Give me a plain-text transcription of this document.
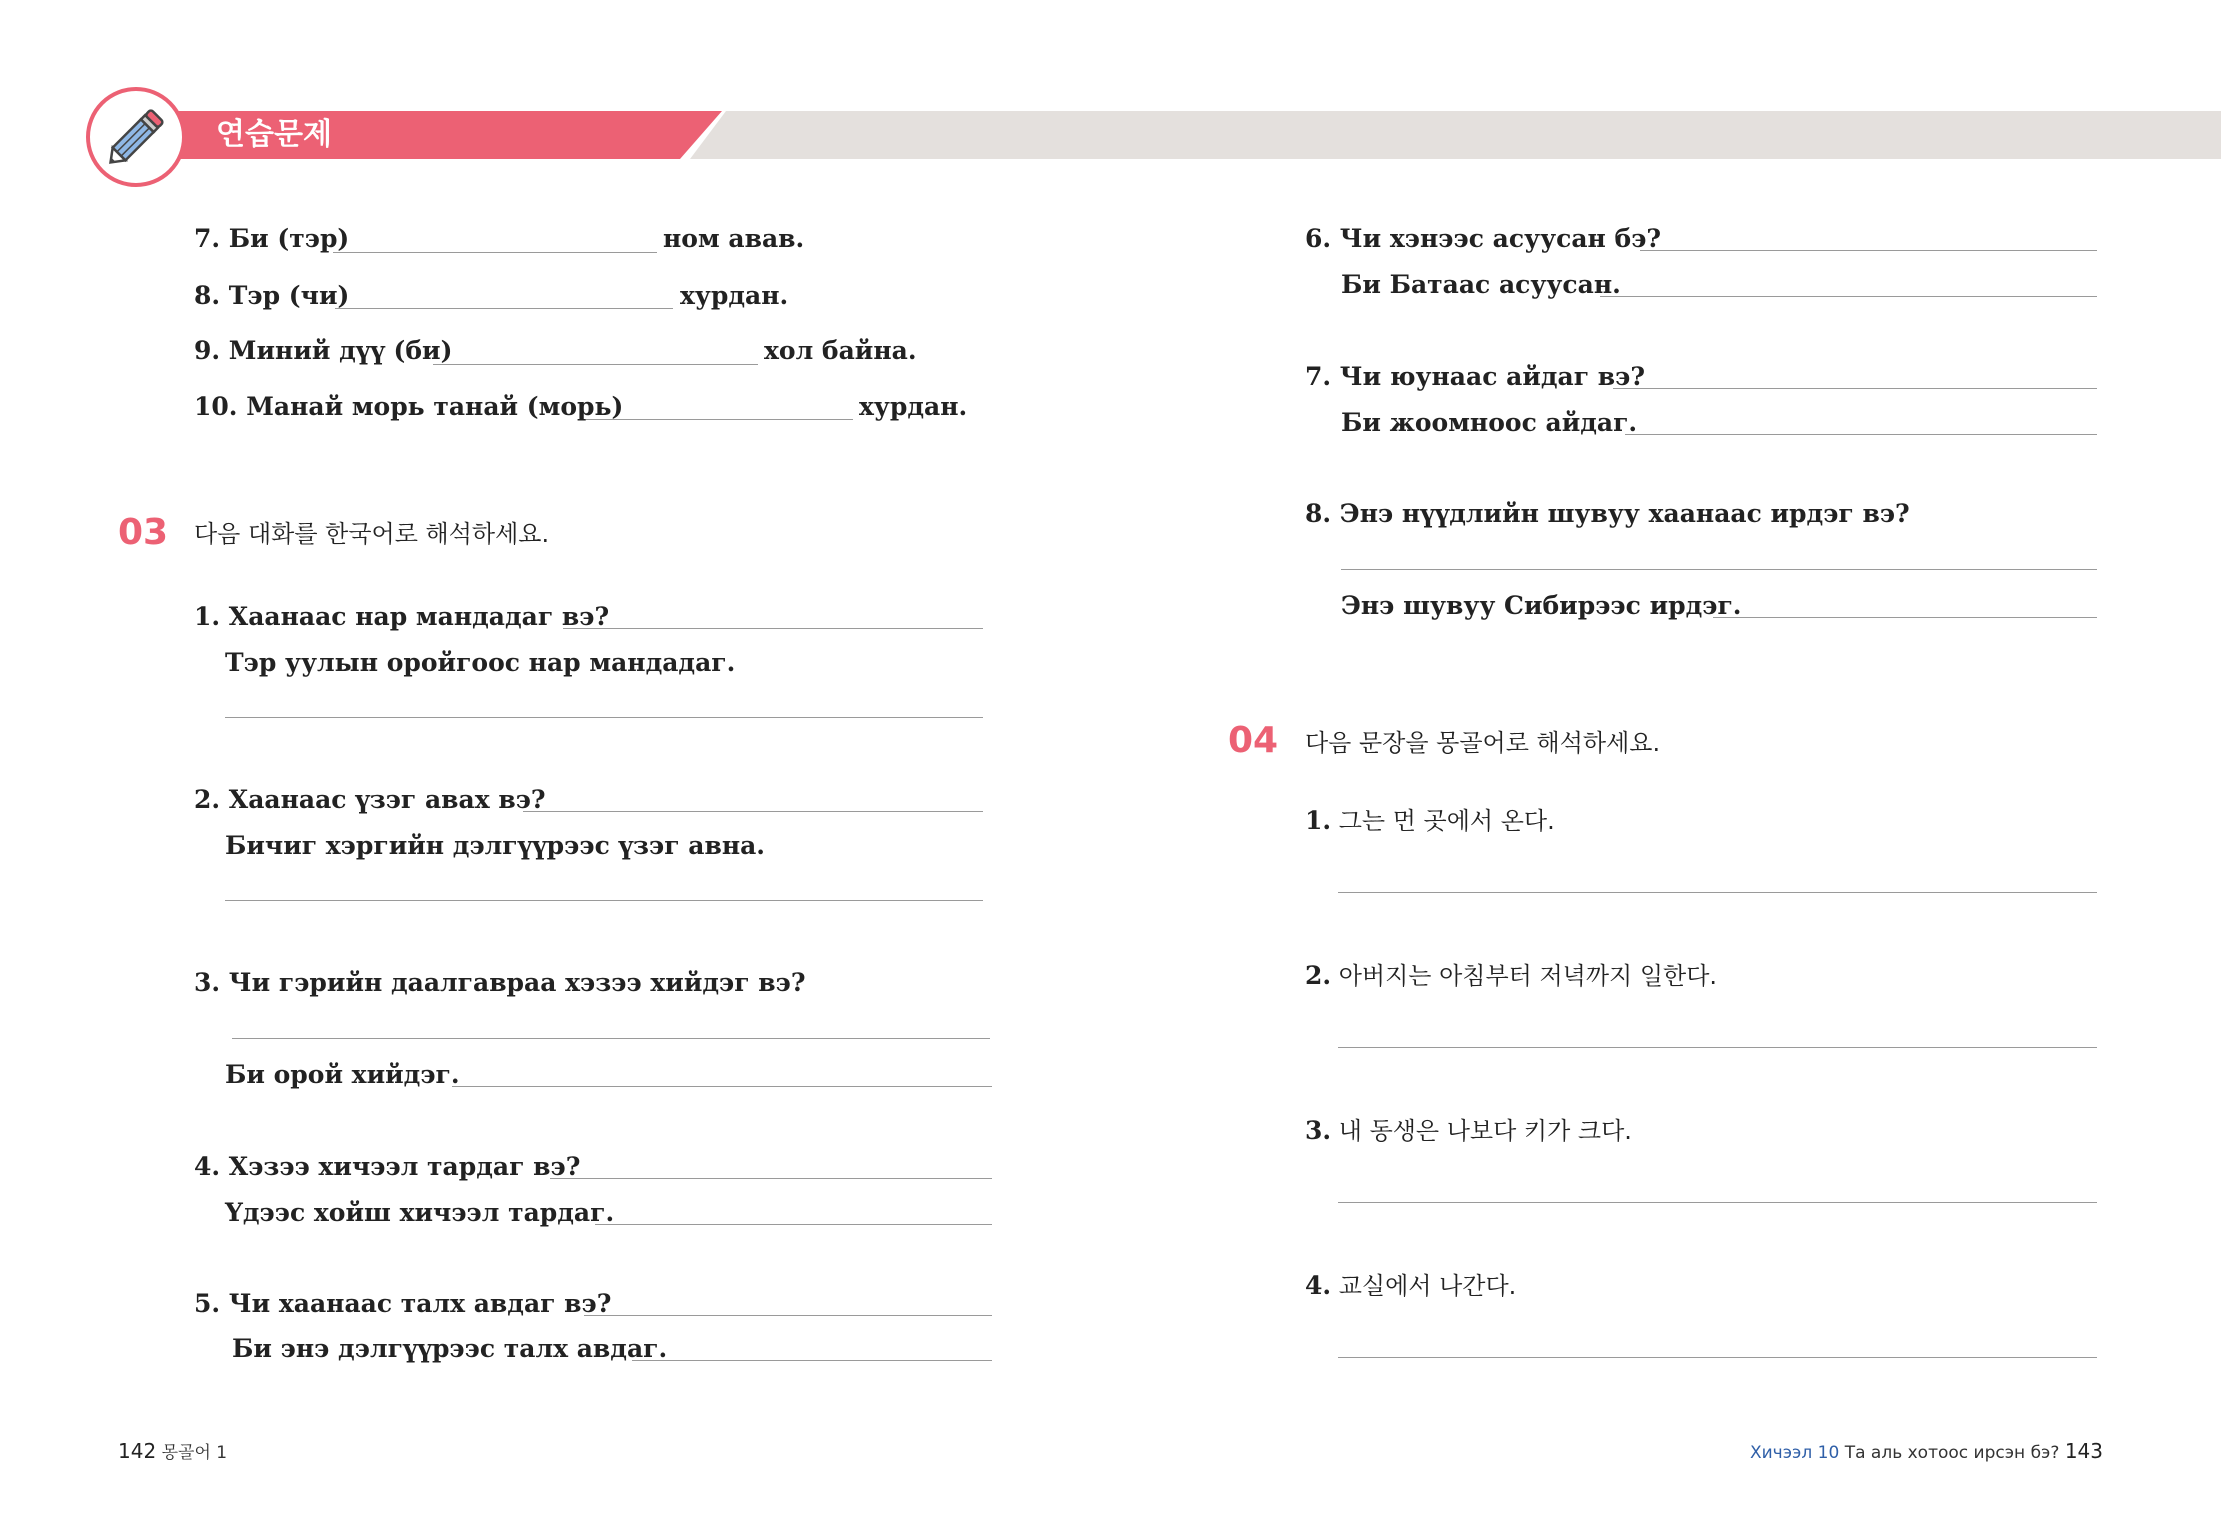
연습문제
7. Би (тэр)	ном авав.
8. Тэр (чи)	хурдан.
9. Миний дүү (би)	хол байна.
10. Манай морь танай (морь)	хурдан.
03 다음 대화를 한국어로 해석하세요.
1. Хаанаас нар мандадаг вэ?
Тэр уулын оройгоос нар мандадаг.
2. Хаанаас үзэг авах вэ?
Бичиг хэргийн дэлгүүрээс үзэг авна.
3. Чи гэрийн даалгавраа хэзээ хийдэг вэ?
Би орой хийдэг.
4. Хэзээ хичээл тардаг вэ?
Үдээс хойш хичээл тардаг.
5. Чи хаанаас талх авдаг вэ?
Би энэ дэлгүүрээс талх авдаг.
6. Чи хэнээс асуусан бэ?
Би Батаас асуусан.
7. Чи юунаас айдаг вэ?
Би жоомноос айдаг.
8. Энэ нүүдлийн шувуу хаанаас ирдэг вэ?
Энэ шувуу Сибирээс ирдэг.
04 다음 문장을 몽골어로 해석하세요.
1. 그는 먼 곳에서 온다.
2. 아버지는 아침부터 저녁까지 일한다.
3. 내 동생은 나보다 키가 크다.
4. 교실에서 나간다.
142 몽골어 1	Хичээл 10 Та аль хотоос ирсэн бэ? 143
